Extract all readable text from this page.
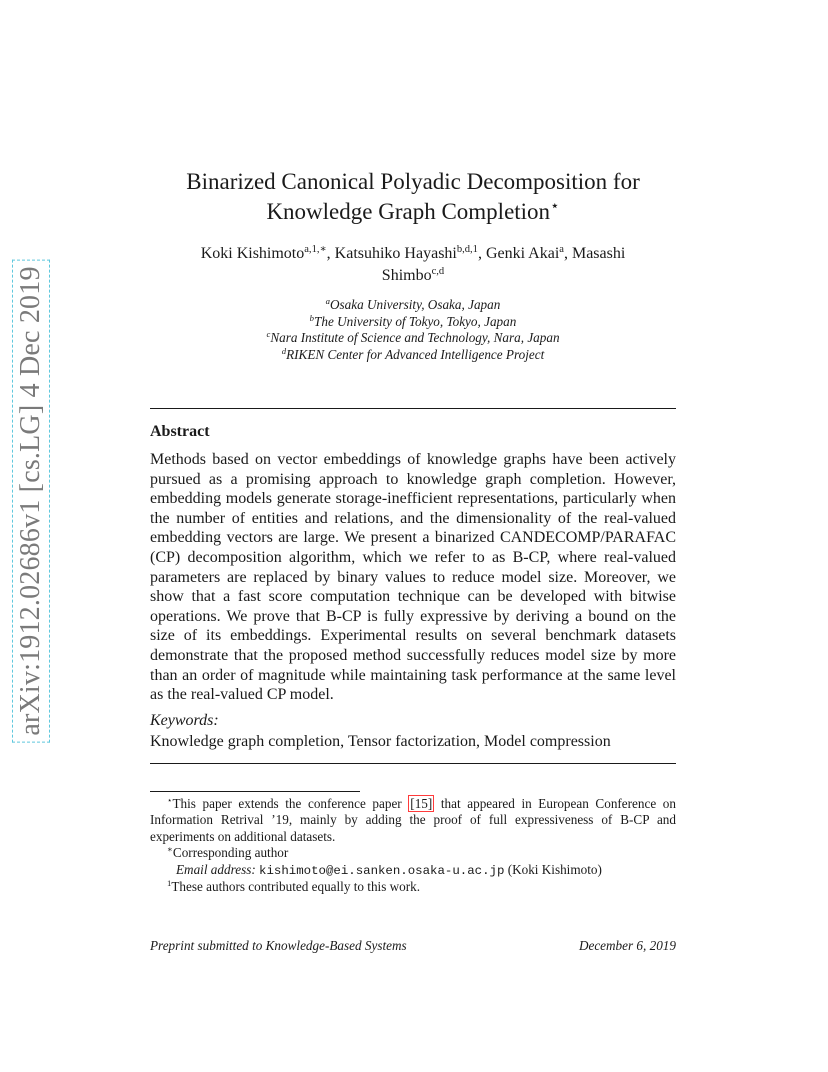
arXiv:1912.02686v1 [cs.LG] 4 Dec 2019
Binarized Canonical Polyadic Decomposition for
Knowledge Graph Completion⋆
Koki Kishimoto$^{a,1,∗}$, Katsuhiko Hayashi$^{b,d,1}$, Genki Akai$^a$, Masashi
Shimbo$^{c,d}$
$^a$Osaka University, Osaka, Japan
$^b$The University of Tokyo, Tokyo, Japan
$^c$Nara Institute of Science and Technology, Nara, Japan
$^d$RIKEN Center for Advanced Intelligence Project
Abstract
Methods based on vector embeddings of knowledge graphs have been actively pursued as a promising approach to knowledge graph completion. However, embedding models generate storage-inefficient representations, particularly when the number of entities and relations, and the dimensionality of the real-valued embedding vectors are large. We present a binarized CANDECOMP/PARAFAC (CP) decomposition algorithm, which we refer to as B-CP, where real-valued parameters are replaced by binary values to reduce model size. Moreover, we show that a fast score computation technique can be developed with bitwise operations. We prove that B-CP is fully expressive by deriving a bound on the size of its embeddings. Experimental results on several benchmark datasets demonstrate that the proposed method successfully reduces model size by more than an order of magnitude while maintaining task performance at the same level as the real-valued CP model.
Keywords:
Knowledge graph completion, Tensor factorization, Model compression
⋆This paper extends the conference paper [15] that appeared in European Conference on Information Retrival ’19, mainly by adding the proof of full expressiveness of B-CP and experiments on additional datasets.
∗Corresponding author
Email address: kishimoto@ei.sanken.osaka-u.ac.jp (Koki Kishimoto)
$^1$These authors contributed equally to this work.
Preprint submitted to Knowledge-Based Systems	December 6, 2019
